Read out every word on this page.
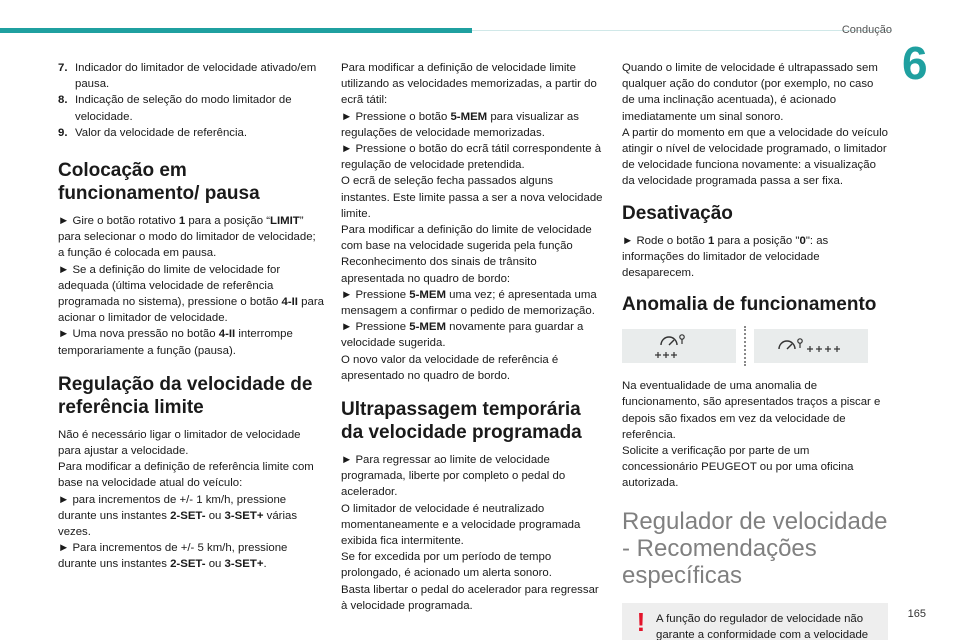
Condução
6
165
7. Indicador do limitador de velocidade ativado/em pausa.
8. Indicação de seleção do modo limitador de velocidade.
9. Valor da velocidade de referência.
Colocação em funcionamento/ pausa

► Gire o botão rotativo 1 para a posição “LIMIT” para selecionar o modo do limitador de velocidade; a função é colocada em pausa.

► Se a definição do limite de velocidade for adequada (última velocidade de referência programada no sistema), pressione o botão 4-II para acionar o limitador de velocidade.

► Uma nova pressão no botão 4-II interrompe temporariamente a função (pausa).

Regulação da velocidade de referência limite

Não é necessário ligar o limitador de velocidade para ajustar a velocidade.

Para modificar a definição de referência limite com base na velocidade atual do veículo:

► para incrementos de +/- 1 km/h, pressione durante uns instantes 2-SET- ou 3-SET+ várias vezes.

► Para incrementos de +/- 5 km/h, pressione durante uns instantes 2-SET- ou 3-SET+.

Para modificar a definição de velocidade limite utilizando as velocidades memorizadas, a partir do ecrã tátil:

► Pressione o botão 5-MEM para visualizar as regulações de velocidade memorizadas.

► Pressione o botão do ecrã tátil correspondente à regulação de velocidade pretendida.

O ecrã de seleção fecha passados alguns instantes. Este limite passa a ser a nova velocidade limite.

Para modificar a definição do limite de velocidade com base na velocidade sugerida pela função Reconhecimento dos sinais de trânsito apresentada no quadro de bordo:

► Pressione 5-MEM uma vez; é apresentada uma mensagem a confirmar o pedido de memorização.

► Pressione 5-MEM novamente para guardar a velocidade sugerida.

O novo valor da velocidade de referência é apresentado no quadro de bordo.

Ultrapassagem temporária da velocidade programada

► Para regressar ao limite de velocidade programada, liberte por completo o pedal do acelerador.

O limitador de velocidade é neutralizado momentaneamente e a velocidade programada exibida fica intermitente.

Se for excedida por um período de tempo prolongado, é acionado um alerta sonoro.

Basta libertar o pedal do acelerador para regressar à velocidade programada.

Quando o limite de velocidade é ultrapassado sem qualquer ação do condutor (por exemplo, no caso de uma inclinação acentuada), é acionado imediatamente um sinal sonoro.

A partir do momento em que a velocidade do veículo atingir o nível de velocidade programado, o limitador de velocidade funciona novamente: a visualização da velocidade programada passa a ser fixa.

Desativação

► Rode o botão 1 para a posição "0": as informações do limitador de velocidade desaparecem.

Anomalia de funcionamento

Na eventualidade de uma anomalia de funcionamento, são apresentados traços a piscar e depois são fixados em vez da velocidade de referência.

Solicite a verificação por parte de um concessionário PEUGEOT ou por uma oficina autorizada.

Regulador de velocidade - Recomendações específicas
! A função do regulador de velocidade não garante a conformidade com a velocidade
